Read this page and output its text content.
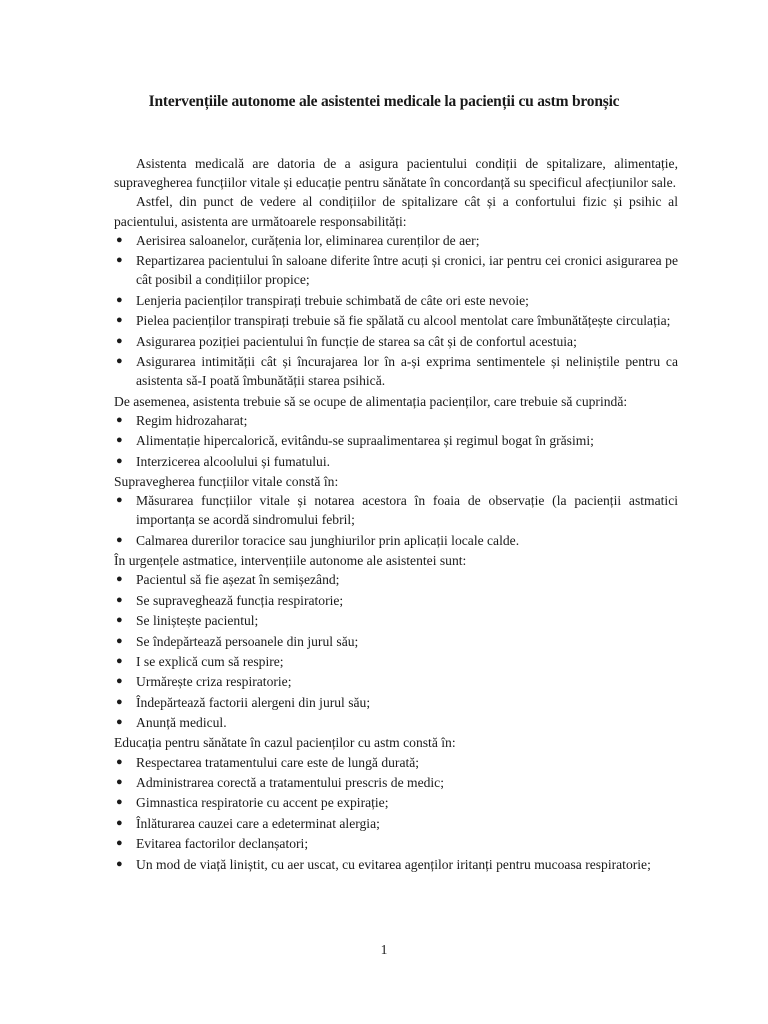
Intervențiile autonome ale asistentei medicale la pacienții cu astm bronșic

Asistenta medicală are datoria de a asigura pacientului condiții de spitalizare, alimentație, supravegherea funcțiilor vitale și educație pentru sănătate în concordanță su specificul afecțiunilor sale.

Astfel, din punct de vedere al condițiilor de spitalizare cât și a confortului fizic și psihic al pacientului, asistenta are următoarele responsabilități:

● Aerisirea saloanelor, curățenia lor, eliminarea curenților de aer;
● Repartizarea pacientului în saloane diferite între acuți și cronici, iar pentru cei cronici asigurarea pe cât posibil a condițiilor propice;
● Lenjeria pacienților transpirați trebuie schimbată de câte ori este nevoie;
● Pielea pacienților transpirați trebuie să fie spălată cu alcool mentolat care îmbunătățește circulația;
● Asigurarea poziției pacientului în funcție de starea sa cât și de confortul acestuia;
● Asigurarea intimității cât și încurajarea lor în a-și exprima sentimentele și neliniștile pentru ca asistenta să-I poată îmbunătății starea psihică.

De asemenea, asistenta trebuie să se ocupe de alimentația pacienților, care trebuie să cuprindă:

● Regim hidrozaharat;
● Alimentație hipercalorică, evitându-se supraalimentarea și regimul bogat în grăsimi;
● Interzicerea alcoolului și fumatului.

Supravegherea funcțiilor vitale constă în:

● Măsurarea funcțiilor vitale și notarea acestora în foaia de observație (la pacienții astmatici importanța se acordă sindromului febril;
● Calmarea durerilor toracice sau junghiurilor prin aplicații locale calde.

În urgențele astmatice, intervențiile autonome ale asistentei sunt:

● Pacientul să fie așezat în semișezând;
● Se supraveghează funcția respiratorie;
● Se liniștește pacientul;
● Se îndepărtează persoanele din jurul său;
● I se explică cum să respire;
● Urmărește criza respiratorie;
● Îndepărtează factorii alergeni din jurul său;
● Anunță medicul.

Educația pentru sănătate în cazul pacienților cu astm constă în:

● Respectarea tratamentului care este de lungă durată;
● Administrarea corectă a tratamentului prescris de medic;
● Gimnastica respiratorie cu accent pe expirație;
● Înlăturarea cauzei care a edeterminat alergia;
● Evitarea factorilor declanșatori;
● Un mod de viață liniștit, cu aer uscat, cu evitarea agenților iritanți pentru mucoasa respiratorie;
1
